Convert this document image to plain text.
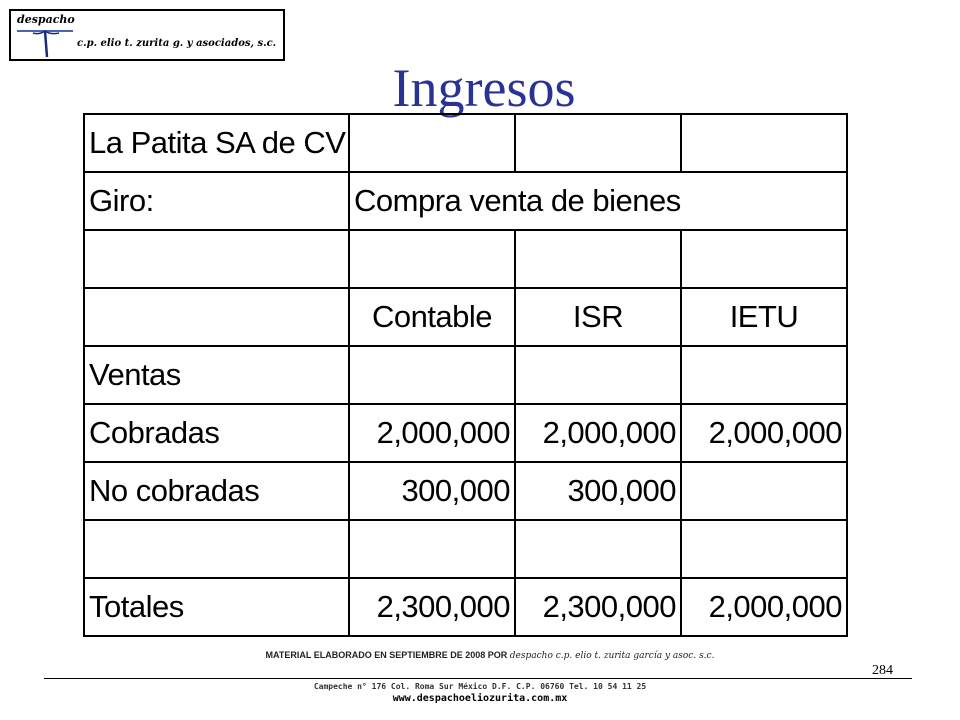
despacho
c.p. elio t. zurita g. y asociados, s.c.
Ingresos
La Patita SA de CV			
Giro:	Compra venta de bienes		

	Contable	ISR	IETU
Ventas			
Cobradas	2,000,000	2,000,000	2,000,000
No cobradas	300,000	300,000	

Totales	2,300,000	2,300,000	2,000,000
MATERIAL ELABORADO EN SEPTIEMBRE DE 2008 POR despacho c.p. elio t. zurita garcía y asoc. s.c.
284
Campeche n° 176 Col. Roma Sur México D.F. C.P. 06760 Tel. 10 54 11 25
www.despachoeliozurita.com.mx
